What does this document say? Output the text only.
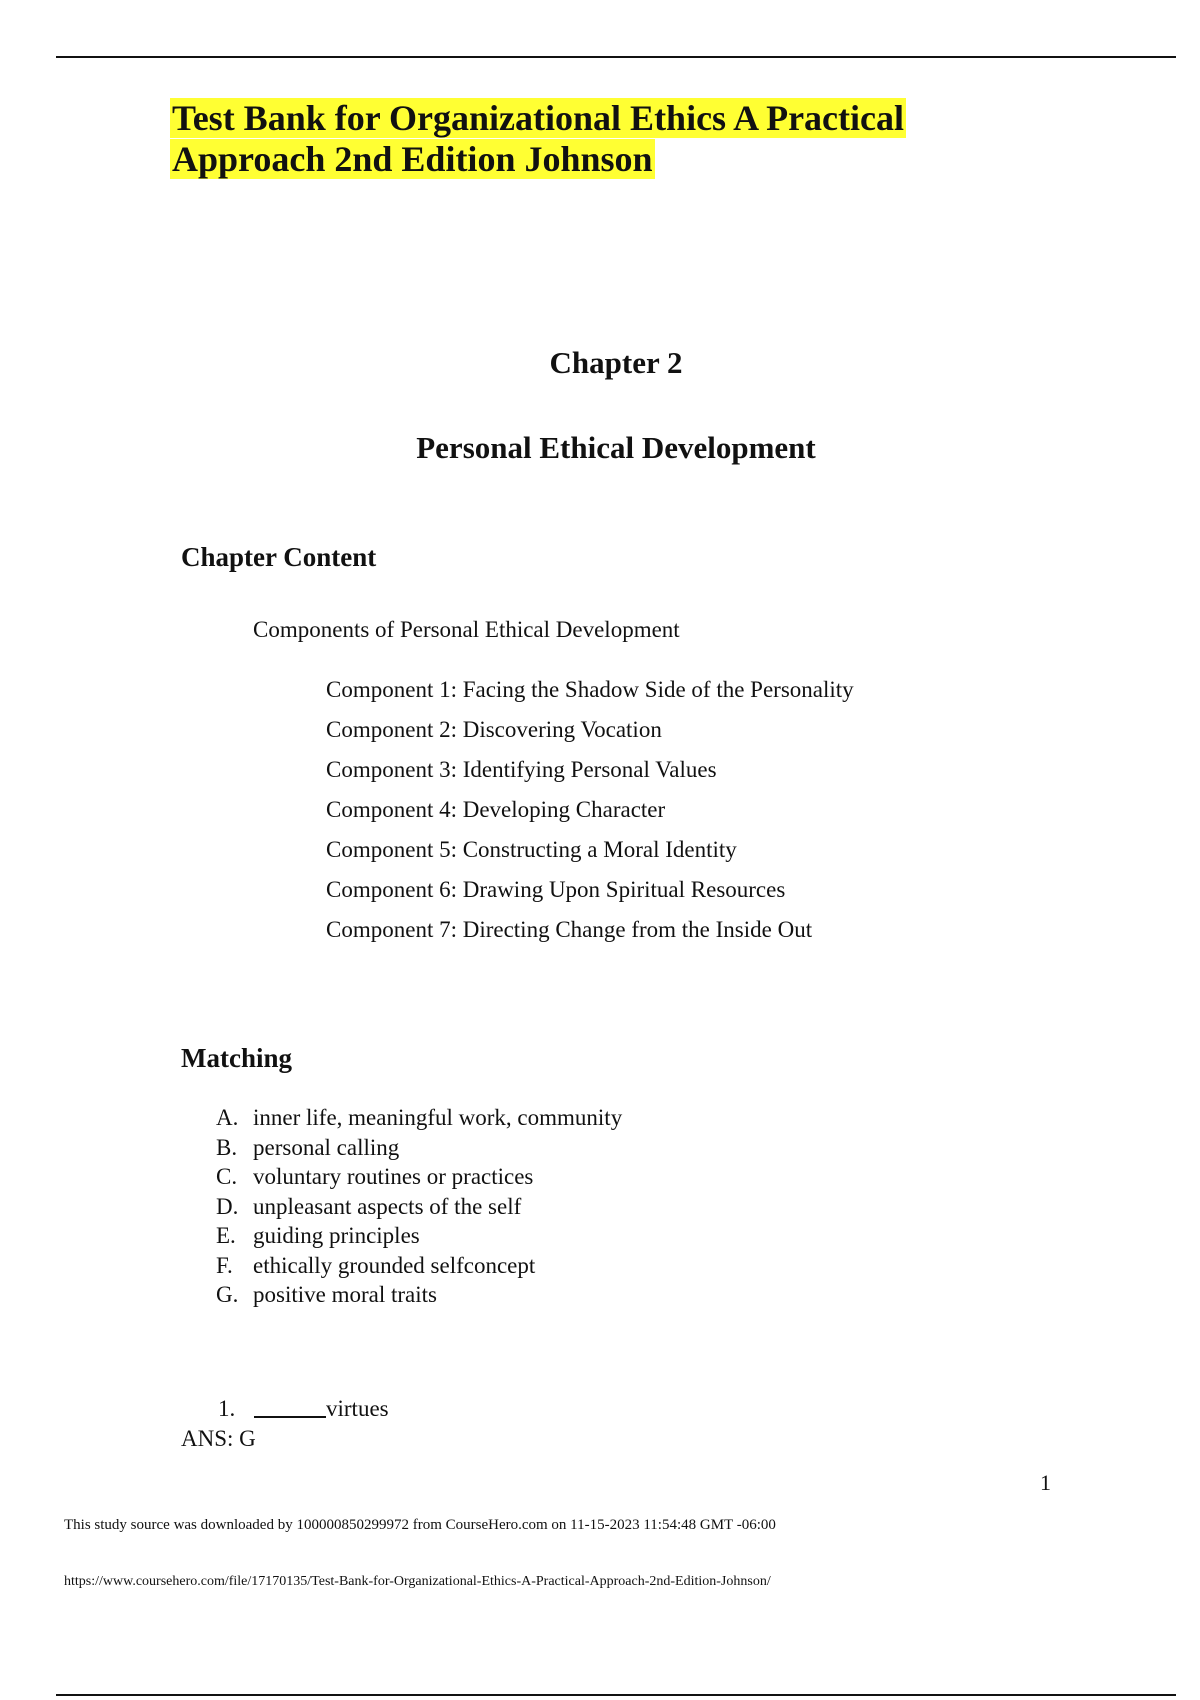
Test Bank for Organizational Ethics A Practical Approach 2nd Edition Johnson
Chapter 2
Personal Ethical Development
Chapter Content

Components of Personal Ethical Development

Component 1: Facing the Shadow Side of the Personality
Component 2: Discovering Vocation
Component 3: Identifying Personal Values
Component 4: Developing Character
Component 5: Constructing a Moral Identity
Component 6: Drawing Upon Spiritual Resources
Component 7: Directing Change from the Inside Out
Matching
A. inner life, meaningful work, community
B. personal calling
C. voluntary routines or practices
D. unpleasant aspects of the self
E. guiding principles
F. ethically grounded selfconcept
G. positive moral traits
1.	virtues
ANS: G
1
This study source was downloaded by 100000850299972 from CourseHero.com on 11-15-2023 11:54:48 GMT -06:00
https://www.coursehero.com/file/17170135/Test-Bank-for-Organizational-Ethics-A-Practical-Approach-2nd-Edition-Johnson/
